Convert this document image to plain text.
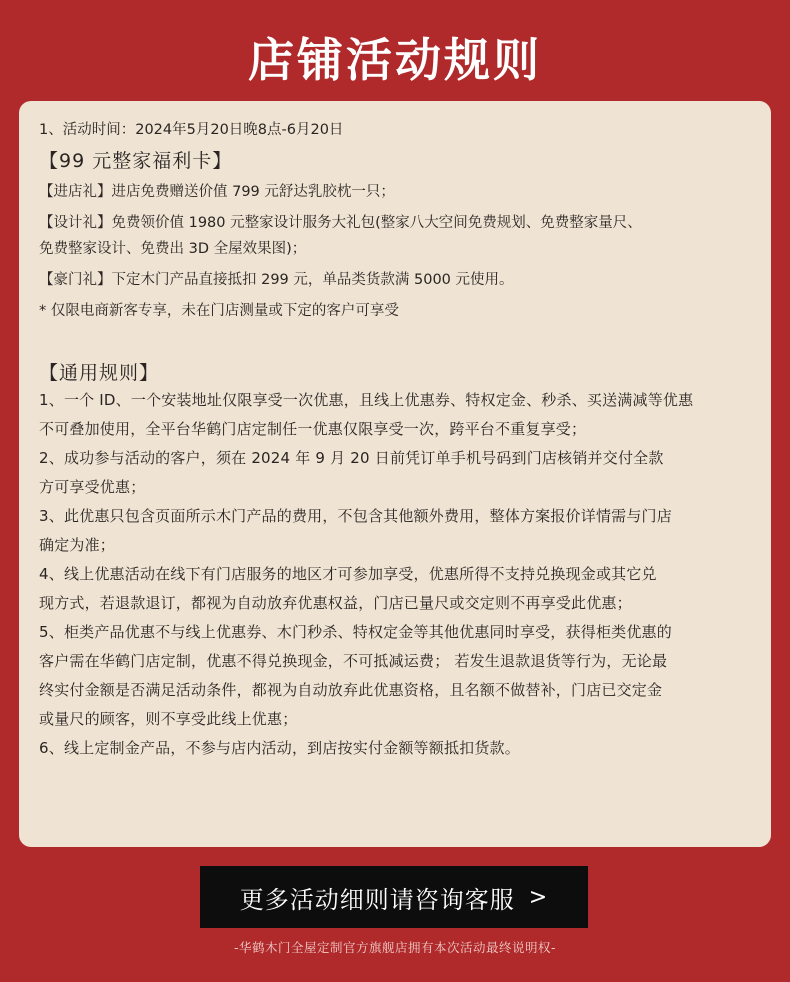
店铺活动规则
1、活动时间：2024年5月20日晚8点-6月20日
【99 元整家福利卡】
【进店礼】进店免费赠送价值 799 元舒达乳胶枕一只；
【设计礼】免费领价值 1980 元整家设计服务大礼包(整家八大空间免费规划、免费整家量尺、
免费整家设计、免费出 3D 全屋效果图)；
【豪门礼】下定木门产品直接抵扣 299 元，单品类货款满 5000 元使用。
* 仅限电商新客专享，未在门店测量或下定的客户可享受
【通用规则】
1、一个 ID、一个安装地址仅限享受一次优惠，且线上优惠券、特权定金、秒杀、买送满减等优惠
不可叠加使用，全平台华鹤门店定制任一优惠仅限享受一次，跨平台不重复享受；
2、成功参与活动的客户，须在 2024 年 9 月 20 日前凭订单手机号码到门店核销并交付全款
方可享受优惠；
3、此优惠只包含页面所示木门产品的费用，不包含其他额外费用，整体方案报价详情需与门店
确定为准；
4、线上优惠活动在线下有门店服务的地区才可参加享受，优惠所得不支持兑换现金或其它兑
现方式，若退款退订，都视为自动放弃优惠权益，门店已量尺或交定则不再享受此优惠；
5、柜类产品优惠不与线上优惠券、木门秒杀、特权定金等其他优惠同时享受，获得柜类优惠的
客户需在华鹤门店定制，优惠不得兑换现金，不可抵减运费； 若发生退款退货等行为，无论最
终实付金额是否满足活动条件，都视为自动放弃此优惠资格，且名额不做替补，门店已交定金
或量尺的顾客，则不享受此线上优惠；
6、线上定制金产品，不参与店内活动，到店按实付金额等额抵扣货款。
更多活动细则请咨询客服 >
-华鹤木门全屋定制官方旗舰店拥有本次活动最终说明权-
